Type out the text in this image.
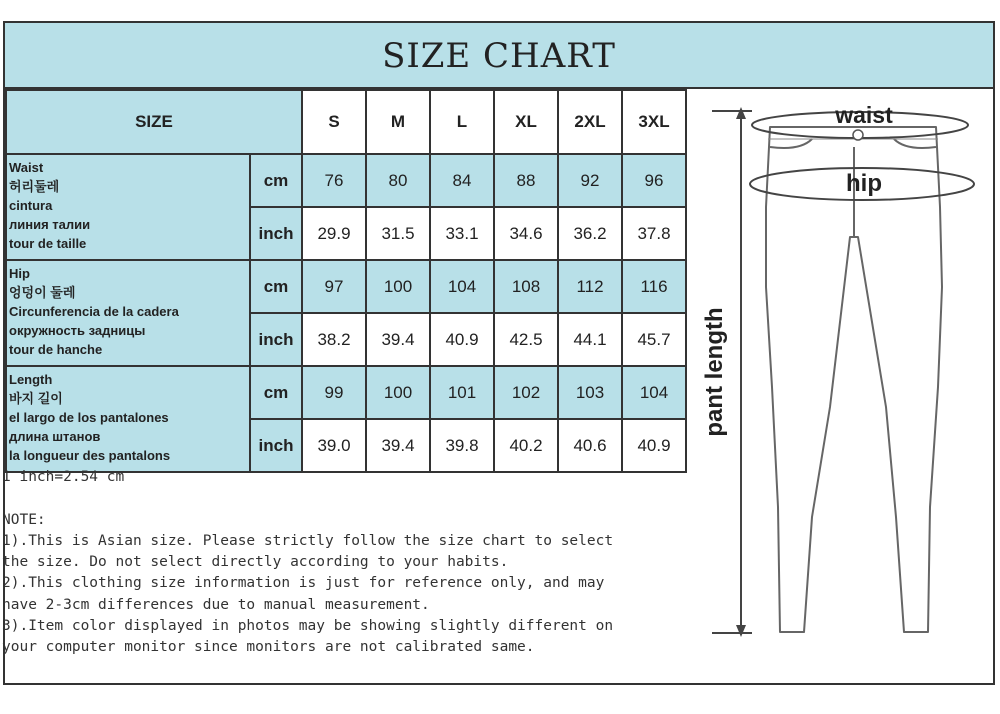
SIZE CHART
SIZE		S	M	L	XL	2XL	3XL

Waist
허리둘레
cintura
линия талии
tour de taille	cm	76	80	84	88	92	96
	inch	29.9	31.5	33.1	34.6	36.2	37.8

Hip
엉덩이 둘레
Circunferencia de la cadera
окружность задницы
tour de hanche	cm	97	100	104	108	112	116
	inch	38.2	39.4	40.9	42.5	44.1	45.7

Length
바지 길이
el largo de los pantalones
длина штанов
la longueur des pantalons	cm	99	100	101	102	103	104
	inch	39.0	39.4	39.8	40.2	40.6	40.9
1 inch=2.54 cm

NOTE:
1).This is Asian size. Please strictly follow the size chart to select
the size. Do not select directly according to your habits.
2).This clothing size information is just for reference only, and may
have 2-3cm differences due to manual measurement.
3).Item color displayed in photos may be showing slightly different on
your computer monitor since monitors are not calibrated same.
pant length
waist
hip
